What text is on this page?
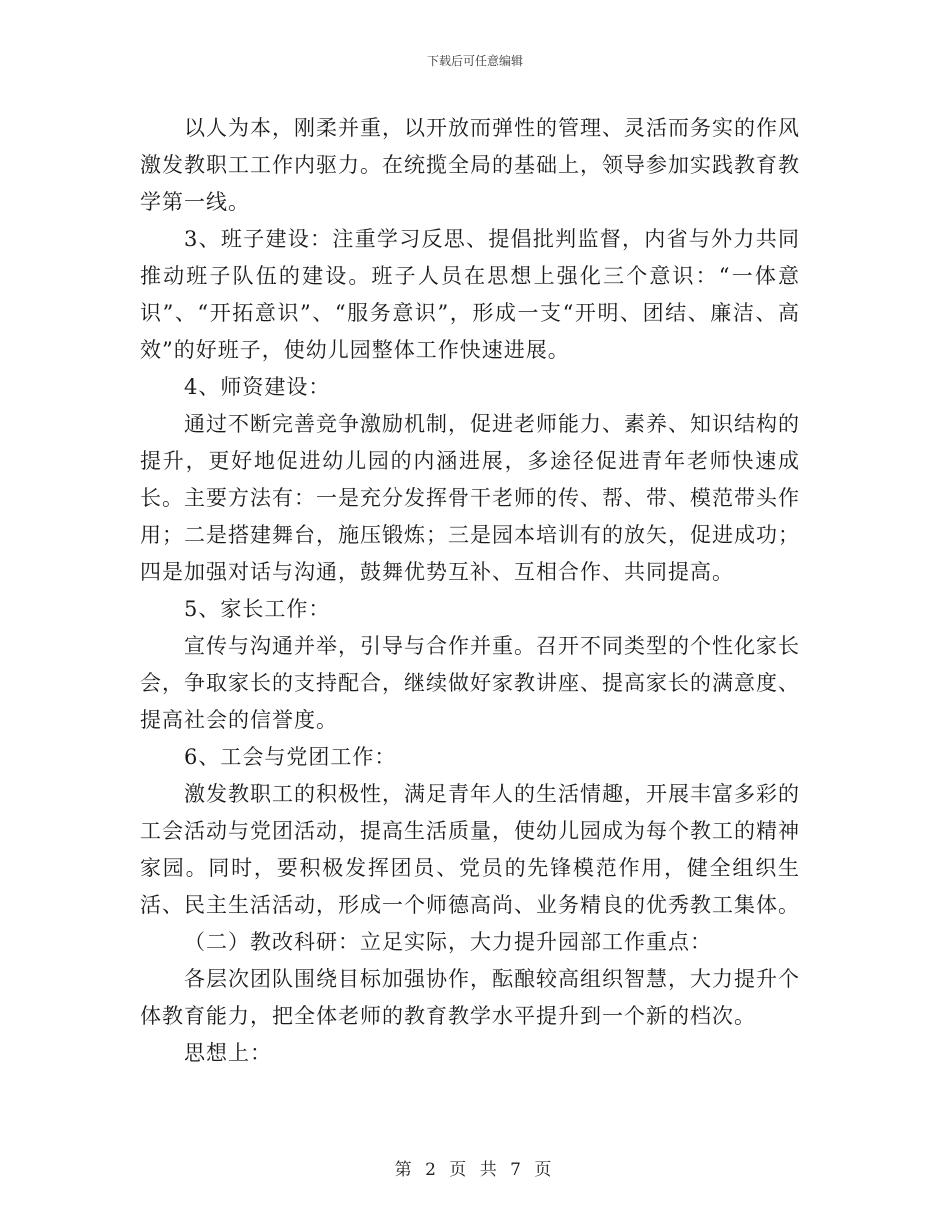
下载后可任意编辑

以人为本，刚柔并重，以开放而弹性的管理、灵活而务实的作风激发教职工工作内驱力。在统揽全局的基础上，领导参加实践教育教学第一线。

3、班子建设：注重学习反思、提倡批判监督，内省与外力共同推动班子队伍的建设。班子人员在思想上强化三个意识：“一体意识”、“开拓意识”、“服务意识”，形成一支“开明、团结、廉洁、高效”的好班子，使幼儿园整体工作快速进展。

4、师资建设：

通过不断完善竞争激励机制，促进老师能力、素养、知识结构的提升，更好地促进幼儿园的内涵进展，多途径促进青年老师快速成长。主要方法有：一是充分发挥骨干老师的传、帮、带、模范带头作用；二是搭建舞台，施压锻炼；三是园本培训有的放矢，促进成功；四是加强对话与沟通，鼓舞优势互补、互相合作、共同提高。

5、家长工作：

宣传与沟通并举，引导与合作并重。召开不同类型的个性化家长会，争取家长的支持配合，继续做好家教讲座、提高家长的满意度、提高社会的信誉度。

6、工会与党团工作：

激发教职工的积极性，满足青年人的生活情趣，开展丰富多彩的工会活动与党团活动，提高生活质量，使幼儿园成为每个教工的精神家园。同时，要积极发挥团员、党员的先锋模范作用，健全组织生活、民主生活活动，形成一个师德高尚、业务精良的优秀教工集体。

（二）教改科研：立足实际，大力提升园部工作重点：

各层次团队围绕目标加强协作，酝酿较高组织智慧，大力提升个体教育能力，把全体老师的教育教学水平提升到一个新的档次。

思想上：

第 2 页 共 7 页
